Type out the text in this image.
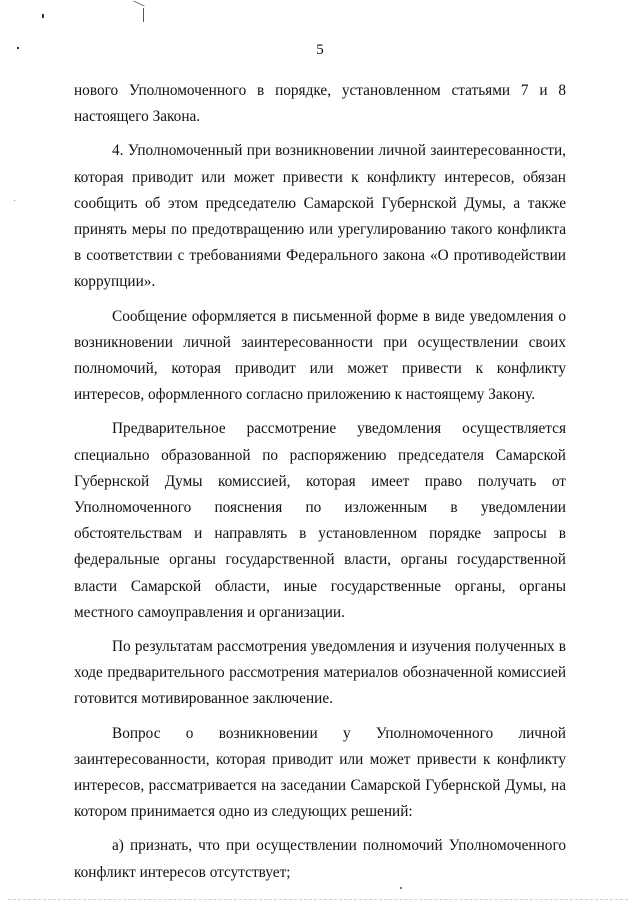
5

нового Уполномоченного в порядке, установленном статьями 7 и 8 настоящего Закона.

4. Уполномоченный при возникновении личной заинтересованности, которая приводит или может привести к конфликту интересов, обязан сообщить об этом председателю Самарской Губернской Думы, а также принять меры по предотвращению или урегулированию такого конфликта в соответствии с требованиями Федерального закона «О противодействии коррупции».

Сообщение оформляется в письменной форме в виде уведомления о возникновении личной заинтересованности при осуществлении своих полномочий, которая приводит или может привести к конфликту интересов, оформленного согласно приложению к настоящему Закону.

Предварительное рассмотрение уведомления осуществляется специально образованной по распоряжению председателя Самарской Губернской Думы комиссией, которая имеет право получать от Уполномоченного пояснения по изложенным в уведомлении обстоятельствам и направлять в установленном порядке запросы в федеральные органы государственной власти, органы государственной власти Самарской области, иные государственные органы, органы местного самоуправления и организации.

По результатам рассмотрения уведомления и изучения полученных в ходе предварительного рассмотрения материалов обозначенной комиссией готовится мотивированное заключение.

Вопрос о возникновении у Уполномоченного личной заинтересованности, которая приводит или может привести к конфликту интересов, рассматривается на заседании Самарской Губернской Думы, на котором принимается одно из следующих решений:

а) признать, что при осуществлении полномочий Уполномоченного конфликт интересов отсутствует;
